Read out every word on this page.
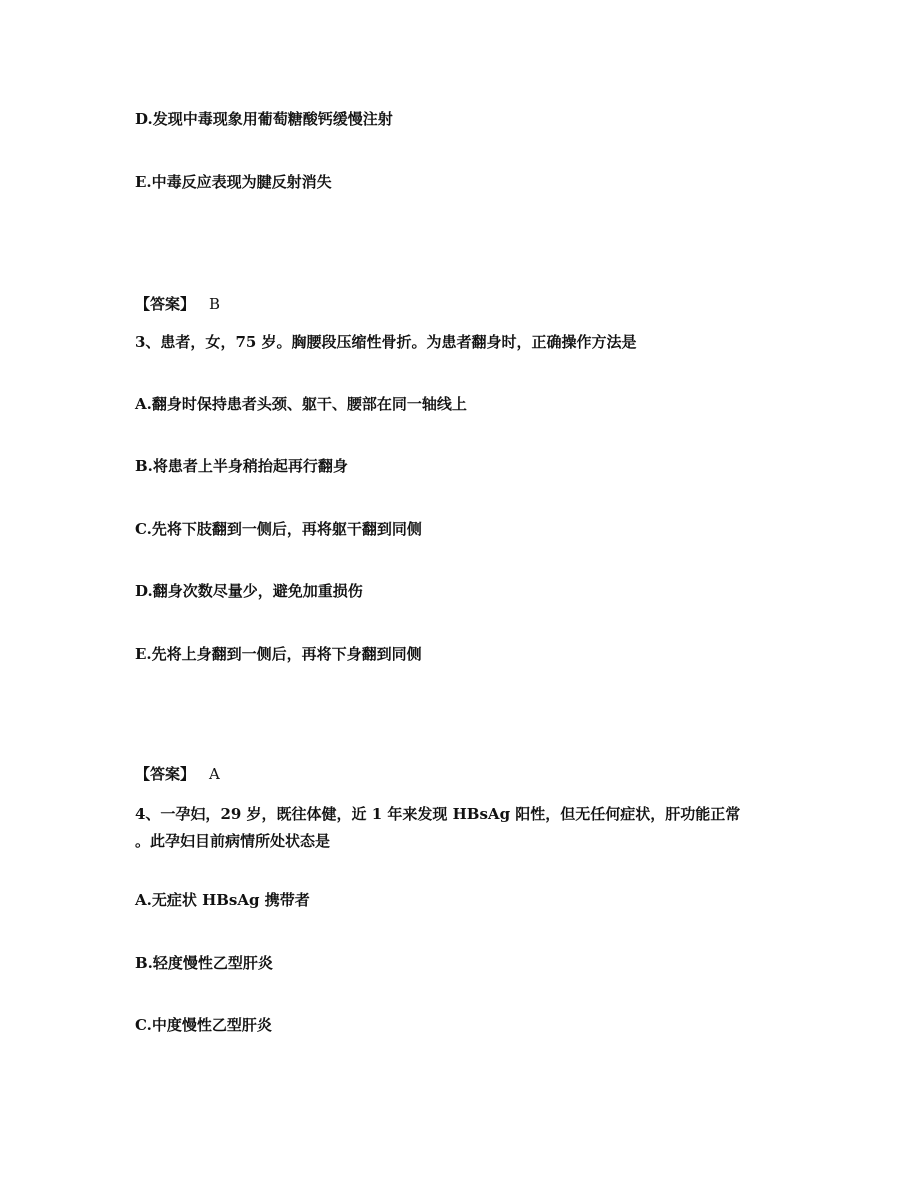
D.发现中毒现象用葡萄糖酸钙缓慢注射
E.中毒反应表现为腱反射消失
【答案】 B
3、患者，女，75 岁。胸腰段压缩性骨折。为患者翻身时，正确操作方法是
A.翻身时保持患者头颈、躯干、腰部在同一轴线上
B.将患者上半身稍抬起再行翻身
C.先将下肢翻到一侧后，再将躯干翻到同侧
D.翻身次数尽量少，避免加重损伤
E.先将上身翻到一侧后，再将下身翻到同侧
【答案】 A
4、一孕妇，29 岁，既往体健，近 1 年来发现 HBsAg 阳性，但无任何症状，肝功能正常
。此孕妇目前病情所处状态是
A.无症状 HBsAg 携带者
B.轻度慢性乙型肝炎
C.中度慢性乙型肝炎
